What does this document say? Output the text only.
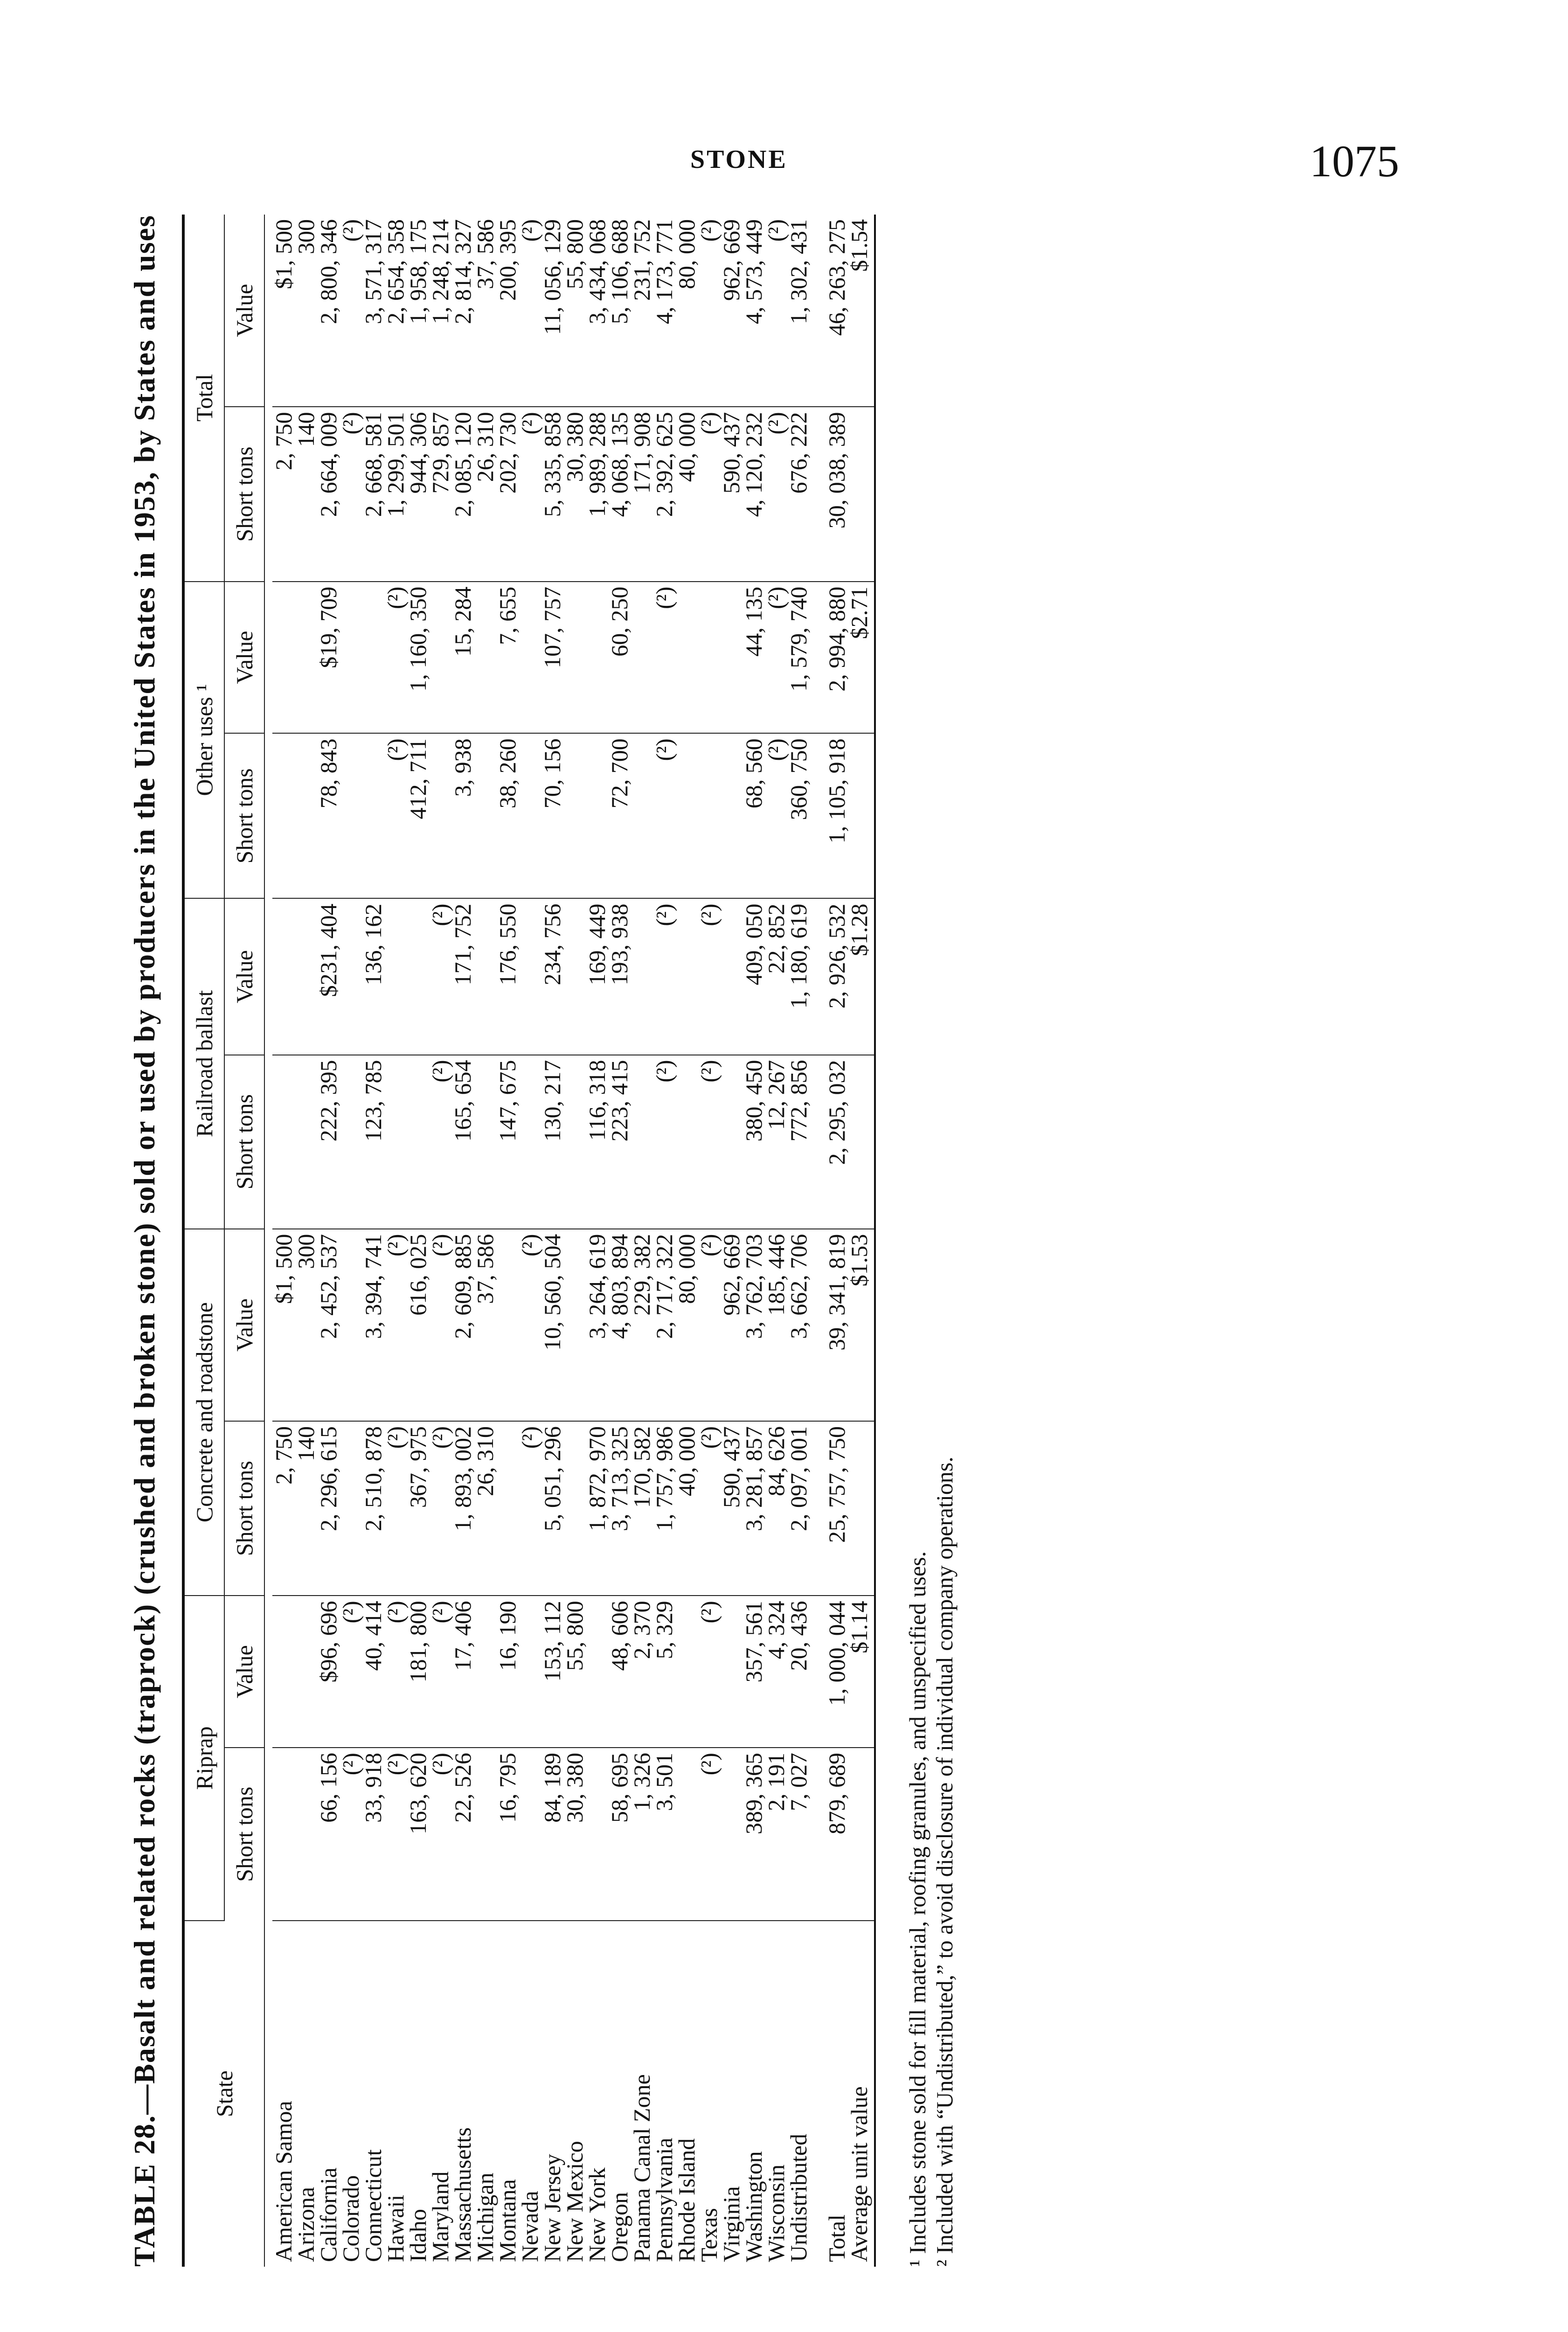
STONE	1075
TABLE 28.—Basalt and related rocks (traprock) (crushed and broken stone) sold or used by producers in the United States in 1953, by States and uses State	Riprap		Concrete and roadstone		Railroad ballast		Other uses ¹		Total	
	Short tons	Value	Short tons	Value	Short tons	Value	Short tons	Value	Short tons	Value

American Samoa			2, 750	$1, 500					2, 750	$1, 500
Arizona			140	300					140	300
California	66, 156	$96, 696	2, 296, 615	2, 452, 537	222, 395	$231, 404	78, 843	$19, 709	2, 664, 009	2, 800, 346
Colorado	(²)	(²)							(²)	(²)
Connecticut	33, 918	40, 414	2, 510, 878	3, 394, 741	123, 785	136, 162			2, 668, 581	3, 571, 317
Hawaii	(²)	(²)	(²)	(²)			(²)	(²)	1, 299, 501	2, 654, 358
Idaho	163, 620	181, 800	367, 975	616, 025			412, 711	1, 160, 350	944, 306	1, 958, 175
Maryland	(²)	(²)	(²)	(²)	(²)	(²)			729, 857	1, 248, 214
Massachusetts	22, 526	17, 406	1, 893, 002	2, 609, 885	165, 654	171, 752	3, 938	15, 284	2, 085, 120	2, 814, 327
Michigan			26, 310	37, 586					26, 310	37, 586
Montana	16, 795	16, 190			147, 675	176, 550	38, 260	7, 655	202, 730	200, 395
Nevada			(²)	(²)					(²)	(²)
New Jersey	84, 189	153, 112	5, 051, 296	10, 560, 504	130, 217	234, 756	70, 156	107, 757	5, 335, 858	11, 056, 129
New Mexico	30, 380	55, 800							30, 380	55, 800
New York			1, 872, 970	3, 264, 619	116, 318	169, 449			1, 989, 288	3, 434, 068
Oregon	58, 695	48, 606	3, 713, 325	4, 803, 894	223, 415	193, 938	72, 700	60, 250	4, 068, 135	5, 106, 688
Panama Canal Zone	1, 326	2, 370	170, 582	229, 382					171, 908	231, 752
Pennsylvania	3, 501	5, 329	1, 757, 986	2, 717, 322	(²)	(²)	(²)	(²)	2, 392, 625	4, 173, 771
Rhode Island			40, 000	80, 000					40, 000	80, 000
Texas	(²)	(²)	(²)	(²)	(²)	(²)			(²)	(²)
Virginia			590, 437	962, 669					590, 437	962, 669
Washington	389, 365	357, 561	3, 281, 857	3, 762, 703	380, 450	409, 050	68, 560	44, 135	4, 120, 232	4, 573, 449
Wisconsin	2, 191	4, 324	84, 626	185, 446	12, 267	22, 852	(²)	(²)	(²)	(²)
Undistributed	7, 027	20, 436	2, 097, 001	3, 662, 706	772, 856	1, 180, 619	360, 750	1, 579, 740	676, 222	1, 302, 431
Total	879, 689	1, 000, 044	25, 757, 750	39, 341, 819	2, 295, 032	2, 926, 532	1, 105, 918	2, 994, 880	30, 038, 389	46, 263, 275
Average unit value		$1.14		$1.53		$1.28		$2.71		$1.54
¹ Includes stone sold for fill material, roofing granules, and unspecified uses. ² Included with “Undistributed,” to avoid disclosure of individual company operations.
